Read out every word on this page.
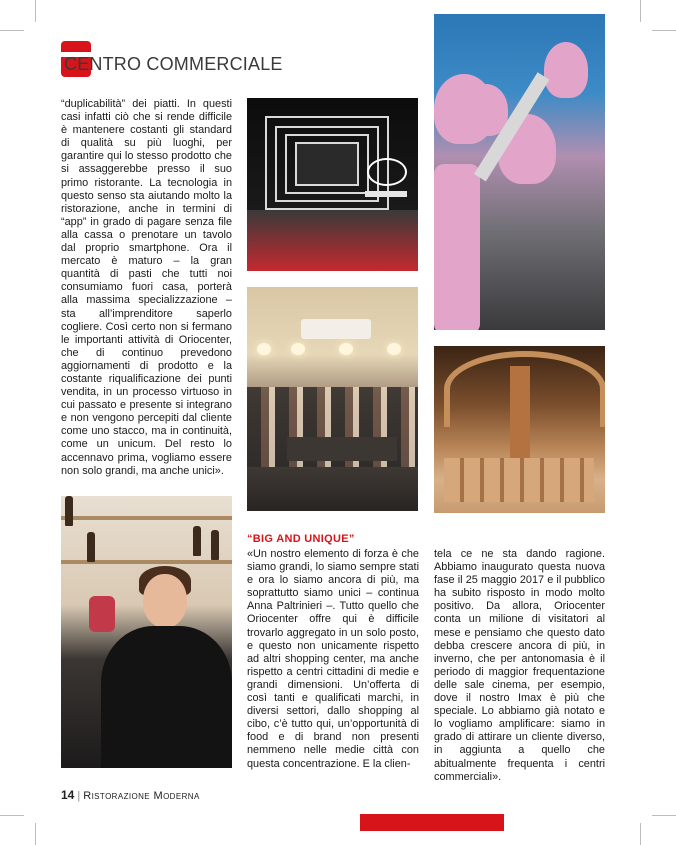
CENTRO COMMERCIALE

“duplicabilità” dei piatti. In questi casi infatti ciò che si rende difficile è mantenere costanti gli standard di qualità su più luoghi, per garantire qui lo stesso prodotto che si assaggerebbe presso il suo primo ristorante. La tecnologia in questo senso sta aiutando molto la ristorazione, anche in termini di “app” in grado di pagare senza file alla cassa o prenotare un tavolo dal proprio smartphone. Ora il mercato è maturo – la gran quantità di pasti che tutti noi consumiamo fuori casa, porterà alla massima specializzazione – sta all’imprenditore saperlo cogliere. Così certo non si fermano le importanti attività di Oriocenter, che di continuo prevedono aggiornamenti di prodotto e la costante riqualificazione dei punti vendita, in un processo virtuoso in cui passato e presente si integrano e non vengono percepiti dal cliente come uno stacco, ma in continuità, come un unicum. Del resto lo accennavo prima, vogliamo essere non solo grandi, ma anche unici».

“BIG AND UNIQUE”

«Un nostro elemento di forza è che siamo grandi, lo siamo sempre stati e ora lo siamo ancora di più, ma soprattutto siamo unici – continua Anna Paltrinieri –. Tutto quello che Oriocenter offre qui è difficile trovarlo aggregato in un solo posto, e questo non unicamente rispetto ad altri shopping center, ma anche rispetto a centri cittadini di medie e grandi dimensioni. Un’offerta di così tanti e qualificati marchi, in diversi settori, dallo shopping al cibo, c’è tutto qui, un’opportunità di food e di brand non presenti nemmeno nelle medie città con questa concentrazione. E la clien-

tela ce ne sta dando ragione. Abbiamo inaugurato questa nuova fase il 25 maggio 2017 e il pubblico ha subito risposto in modo molto positivo. Da allora, Oriocenter conta un milione di visitatori al mese e pensiamo che questo dato debba crescere ancora di più, in inverno, che per antonomasia è il periodo di maggior frequentazione delle sale cinema, per esempio, dove il nostro Imax è più che speciale. Lo abbiamo già notato e lo vogliamo amplificare: siamo in grado di attirare un cliente diverso, in aggiunta a quello che abitualmente frequenta i centri commerciali».

14 | Ristorazione Moderna
